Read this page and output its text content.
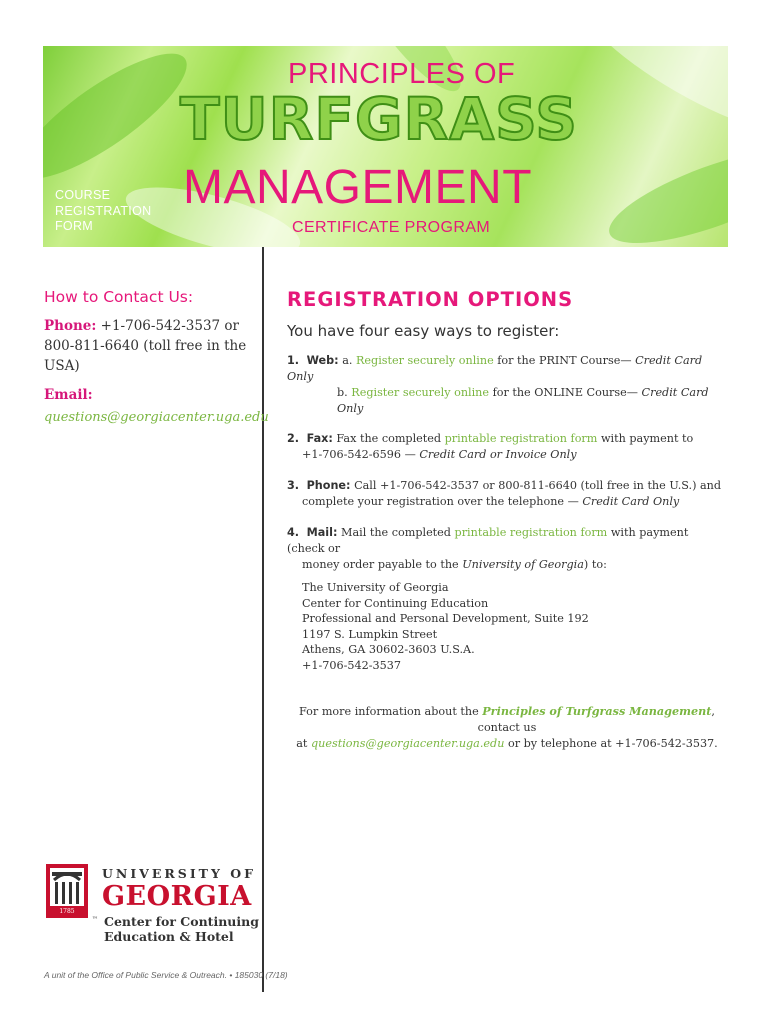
COURSE
REGISTRATION
FORM
PRINCIPLES OF
TURFGRASS
MANAGEMENT
CERTIFICATE PROGRAM
How to Contact Us:
Phone: +1-706-542-3537 or 800-811-6640 (toll free in the USA)
Email:
questions@georgiacenter.uga.edu
REGISTRATION OPTIONS
You have four easy ways to register:
1. Web: a. Register securely online for the PRINT Course— Credit Card Only
b. Register securely online for the ONLINE Course— Credit Card Only
2. Fax: Fax the completed printable registration form with payment to
+1-706-542-6596 — Credit Card or Invoice Only
3. Phone: Call +1-706-542-3537 or 800-811-6640 (toll free in the U.S.) and
complete your registration over the telephone — Credit Card Only
4. Mail: Mail the completed printable registration form with payment (check or
money order payable to the University of Georgia) to:
The University of Georgia
Center for Continuing Education
Professional and Personal Development, Suite 192
1197 S. Lumpkin Street
Athens, GA 30602-3603 U.S.A.
+1-706-542-3537
For more information about the Principles of Turfgrass Management, contact us
at questions@georgiacenter.uga.edu or by telephone at +1-706-542-3537.
1785
UNIVERSITY OF
GEORGIA
Center for Continuing
Education & Hotel
™
A unit of the Office of Public Service & Outreach. • 185030 (7/18)
